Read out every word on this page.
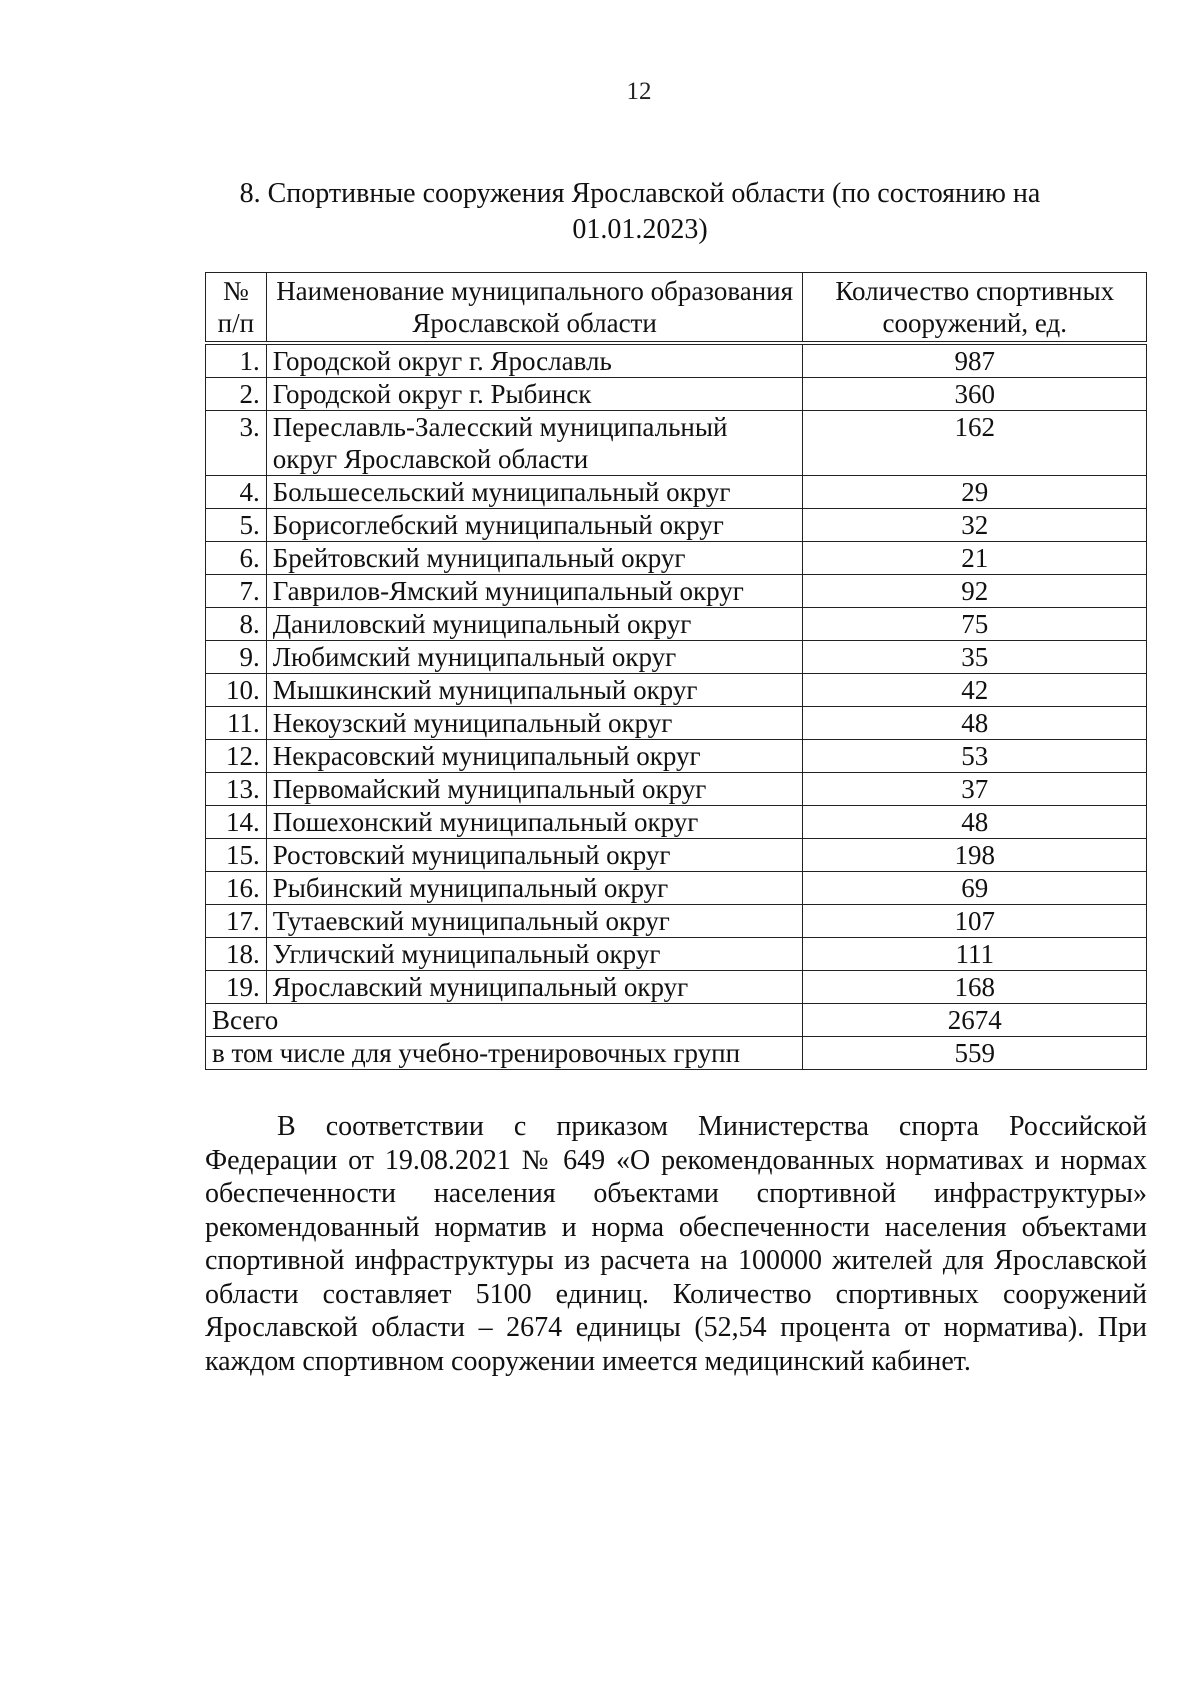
12
8. Спортивные сооружения Ярославской области (по состоянию на 01.01.2023)
№ п/п	Наименование муниципального образования Ярославской области	Количество спортивных сооружений, ед.
1.	Городской округ г. Ярославль	987
2.	Городской округ г. Рыбинск	360
3.	Переславль-Залесский муниципальный округ Ярославской области	162
4.	Большесельский муниципальный округ	29
5.	Борисоглебский муниципальный округ	32
6.	Брейтовский муниципальный округ	21
7.	Гаврилов-Ямский муниципальный округ	92
8.	Даниловский муниципальный округ	75
9.	Любимский муниципальный округ	35
10.	Мышкинский муниципальный округ	42
11.	Некоузский муниципальный округ	48
12.	Некрасовский муниципальный округ	53
13.	Первомайский муниципальный округ	37
14.	Пошехонский муниципальный округ	48
15.	Ростовский муниципальный округ	198
16.	Рыбинский муниципальный округ	69
17.	Тутаевский муниципальный округ	107
18.	Угличский муниципальный округ	111
19.	Ярославский муниципальный округ	168
Всего		2674
в том числе для учебно-тренировочных групп		559
В соответствии с приказом Министерства спорта Российской Федерации от 19.08.2021 № 649 «О рекомендованных нормативах и нормах обеспеченности населения объектами спортивной инфраструктуры» рекомендованный норматив и норма обеспеченности населения объектами спортивной инфраструктуры из расчета на 100000 жителей для Ярославской области составляет 5100 единиц. Количество спортивных сооружений Ярославской области – 2674 единицы (52,54 процента от норматива). При каждом спортивном сооружении имеется медицинский кабинет.
